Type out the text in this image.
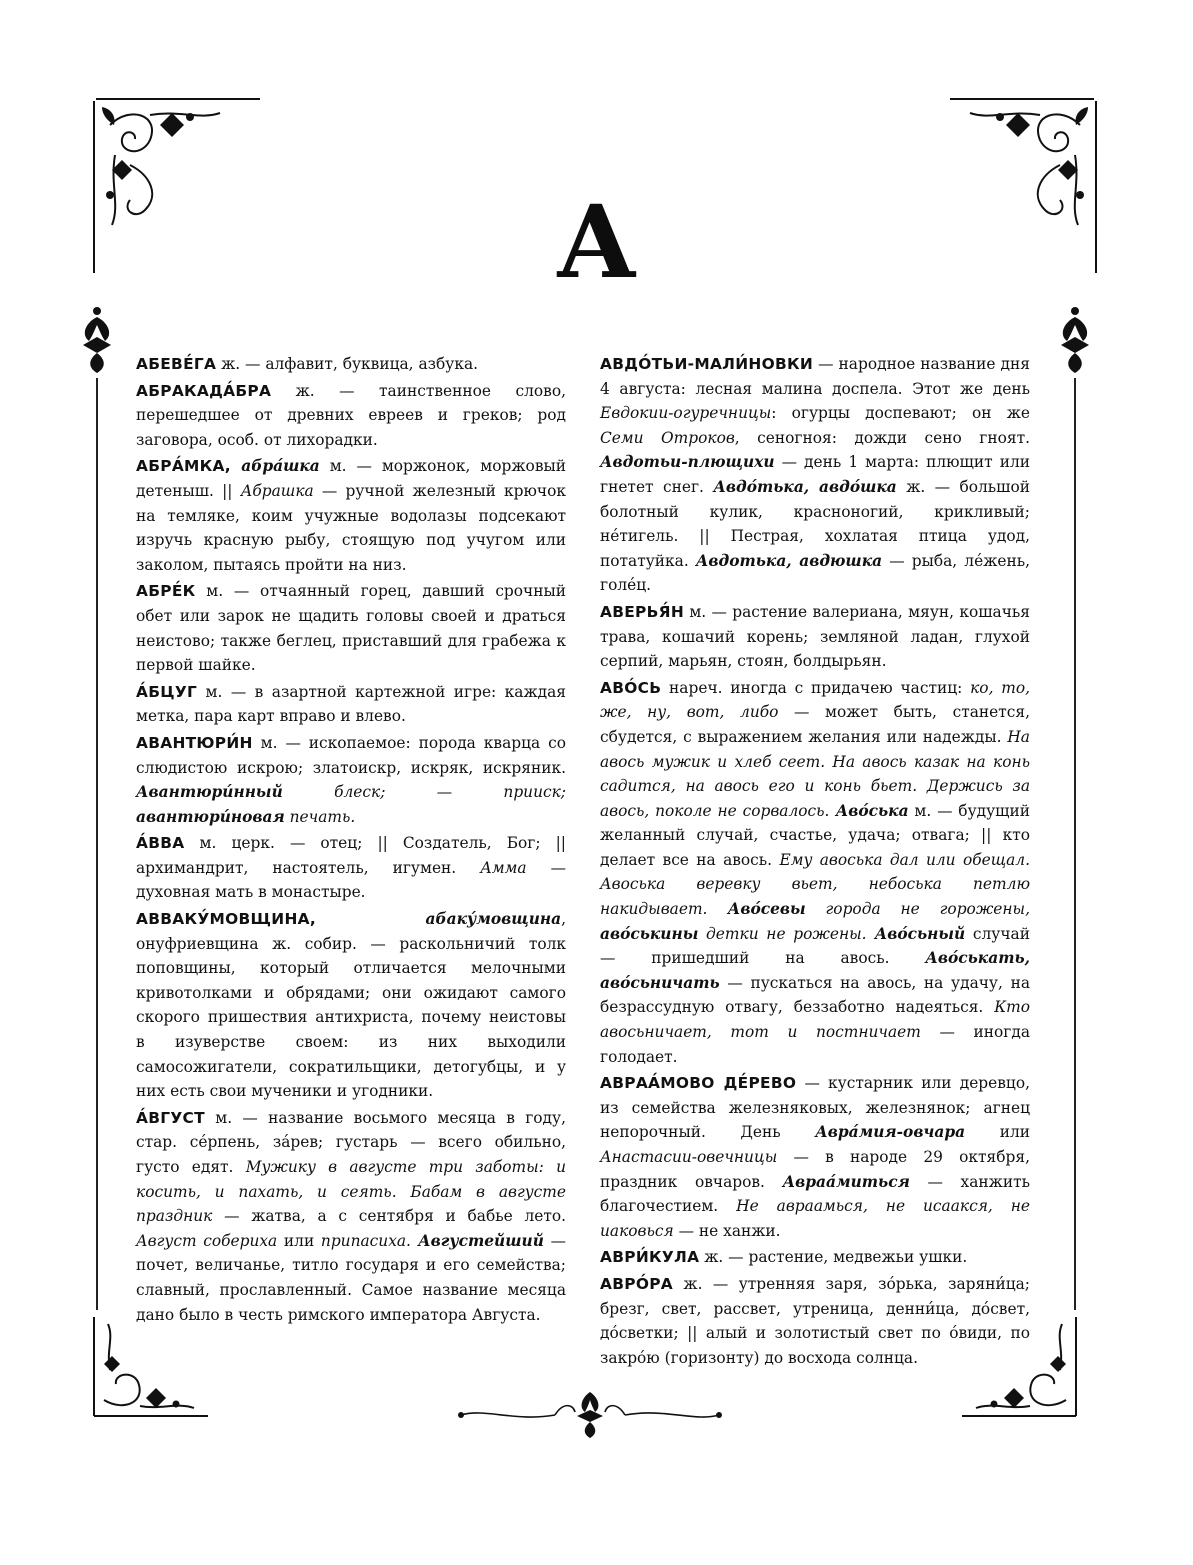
А
АБЕВЕ́ГА ж. — алфавит, буквица, азбука.
АБРАКАДА́БРА ж. — таинственное слово, перешедшее от древних евреев и греков; род заговора, особ. от лихорадки.
АБРА́МКА, абра́шка м. — моржонок, моржовый детеныш. || Абрашка — ручной железный крючок на темляке, коим учужные водолазы подсекают изручь красную рыбу, стоящую под учугом или заколом, пытаясь пройти на низ.
АБРЕ́К м. — отчаянный горец, давший срочный обет или зарок не щадить головы своей и драться неистово; также беглец, приставший для грабежа к первой шайке.
А́БЦУГ м. — в азартной картежной игре: каждая метка, пара карт вправо и влево.
АВАНТЮРИ́Н м. — ископаемое: порода кварца со слюдистою искрою; златоискр, искряк, искряник. Авантюри́нный блеск; — прииск; авантюри́новая печать.
А́ВВА м. церк. — отец; || Создатель, Бог; || архимандрит, настоятель, игумен. Амма — духовная мать в монастыре.
АВВАКУ́МОВЩИНА, абаку́мовщина, онуфриевщина ж. собир. — раскольничий толк поповщины, который отличается мелочными кривотолками и обрядами; они ожидают самого скорого пришествия антихриста, почему неистовы в изуверстве своем: из них выходили самосожигатели, сократильщики, детогубцы, и у них есть свои мученики и угодники.
А́ВГУСТ м. — название восьмого месяца в году, стар. се́рпень, за́рев; густарь — всего обильно, густо едят. Мужику в августе три заботы: и косить, и пахать, и сеять. Бабам в августе праздник — жатва, а с сентября и бабье лето. Август собериха или припасиха. Августейший — почет, величанье, титло государя и его семейства; славный, прославленный. Самое название месяца дано было в честь римского императора Августа.
АВДО́ТЬИ-МАЛИ́НОВКИ — народное название дня 4 августа: лесная малина доспела. Этот же день Евдокии-огуречницы: огурцы доспевают; он же Семи Отроков, сеногноя: дожди сено гноят. Авдотьи-плющихи — день 1 марта: плющит или гнетет снег. Авдо́тька, авдо́шка ж. — большой болотный кулик, красноногий, крикливый; не́тигель. || Пестрая, хохлатая птица удод, потатуйка. Авдотька, авдюшка — рыба, ле́жень, голе́ц.
АВЕРЬЯ́Н м. — растение валериана, мяун, кошачья трава, кошачий корень; земляной ладан, глухой серпий, марьян, стоян, болдырьян.
АВО́СЬ нареч. иногда с придачею частиц: ко, то, же, ну, вот, либо — может быть, станется, сбудется, с выражением желания или надежды. На авось мужик и хлеб сеет. На авось казак на конь садится, на авось его и конь бьет. Держись за авось, поколе не сорвалось. Аво́ська м. — будущий желанный случай, счастье, удача; отвага; || кто делает все на авось. Ему авоська дал или обещал. Авоська веревку вьет, небоська петлю накидывает. Аво́севы города не горожены, аво́ськины детки не рожены. Аво́сьный случай — пришедший на авось. Аво́ськать, аво́сьничать — пускаться на авось, на удачу, на безрассудную отвагу, беззаботно надеяться. Кто авосьничает, тот и постничает — иногда голодает.
АВРАА́МОВО ДЕ́РЕВО — кустарник или деревцо, из семейства железняковых, железнянок; агнец непорочный. День Авра́мия-овчара или Анастасии-овечницы — в народе 29 октября, праздник овчаров. Авраа́миться — ханжить благочестием. Не авраамься, не исаакся, не иаковься — не ханжи.
АВРИ́КУЛА ж. — растение, медвежьи ушки.
АВРО́РА ж. — утренняя заря, зо́рька, заряни́ца; брезг, свет, рассвет, утреница, денни́ца, до́свет, до́светки; || алый и золотистый свет по о́види, по закро́ю (горизонту) до восхода солнца.
